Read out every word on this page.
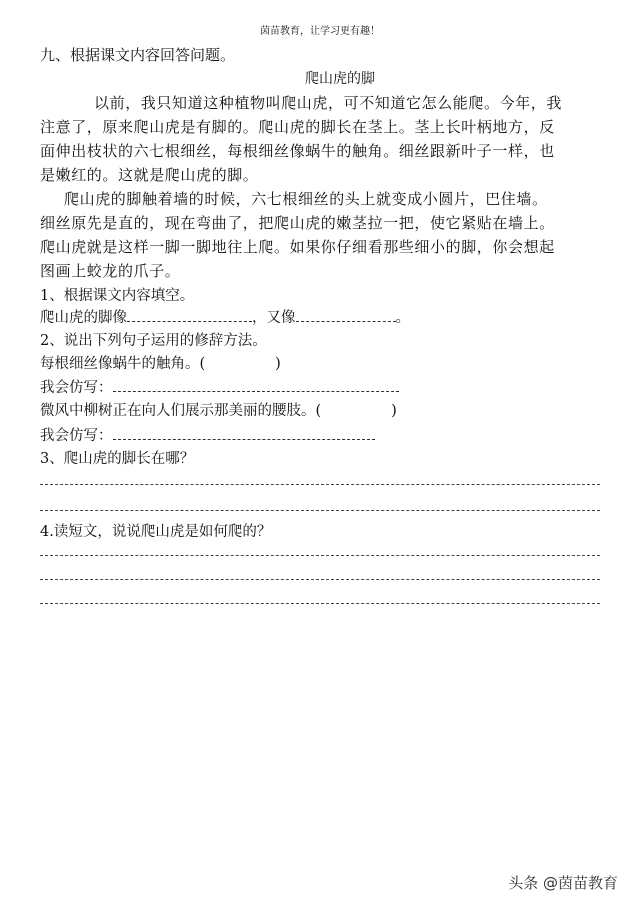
茵苗教育，让学习更有趣！
九、根据课文内容回答问题。
爬山虎的脚
以前，我只知道这种植物叫爬山虎，可不知道它怎么能爬。今年，我
注意了，原来爬山虎是有脚的。爬山虎的脚长在茎上。茎上长叶柄地方，反
面伸出枝状的六七根细丝，每根细丝像蜗牛的触角。细丝跟新叶子一样，也
是嫩红的。这就是爬山虎的脚。
爬山虎的脚触着墙的时候，六七根细丝的头上就变成小圆片，巴住墙。
细丝原先是直的，现在弯曲了，把爬山虎的嫩茎拉一把，使它紧贴在墙上。
爬山虎就是这样一脚一脚地往上爬。如果你仔细看那些细小的脚，你会想起
图画上蛟龙的爪子。
1、根据课文内容填空。
爬山虎的脚像	，又像	。
2、说出下列句子运用的修辞方法。
每根细丝像蜗牛的触角。(	)
我会仿写：
微风中柳树正在向人们展示那美丽的腰肢。(	)
我会仿写：
3、爬山虎的脚长在哪？
4.读短文，说说爬山虎是如何爬的？
头条 @茵苗教育
